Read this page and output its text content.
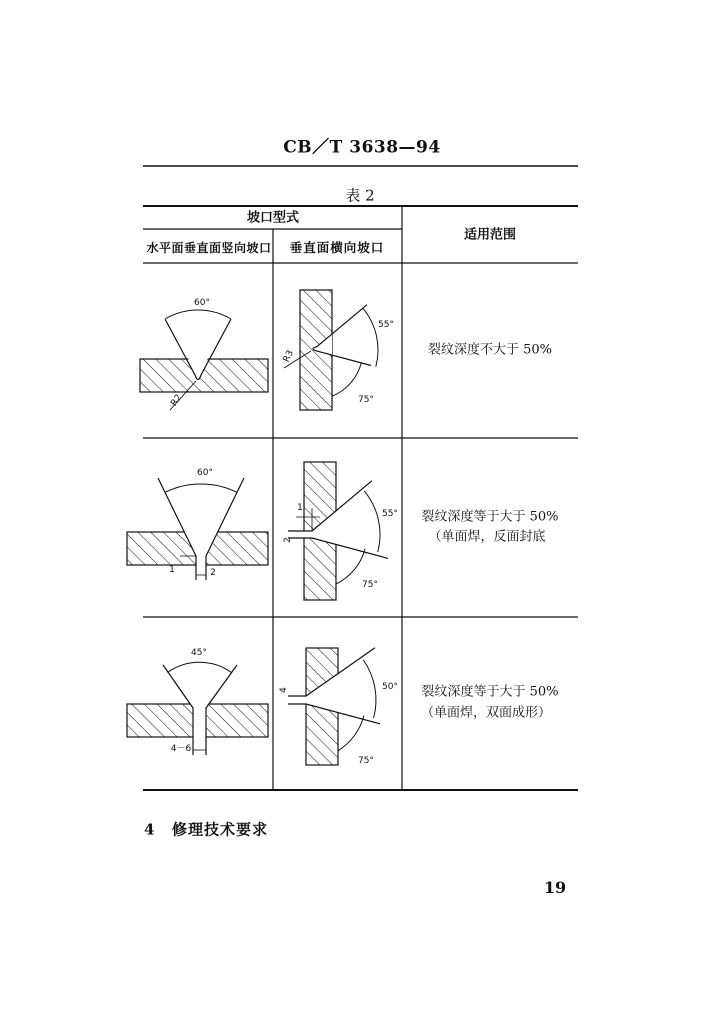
60°
R2
55°
R3
75°
60°
1	2
1
55°
2
75°
45°
4－6
4	50°
75°
CB／T 3638—94
表 2
坡口型式
水平面垂直面竖向坡口 垂直面横向坡口
适用范围
裂纹深度不大于 50%
裂纹深度等于大于 50%
（单面焊，反面封底
裂纹深度等于大于 50%
（单面焊，双面成形）
4 修理技术要求
19
